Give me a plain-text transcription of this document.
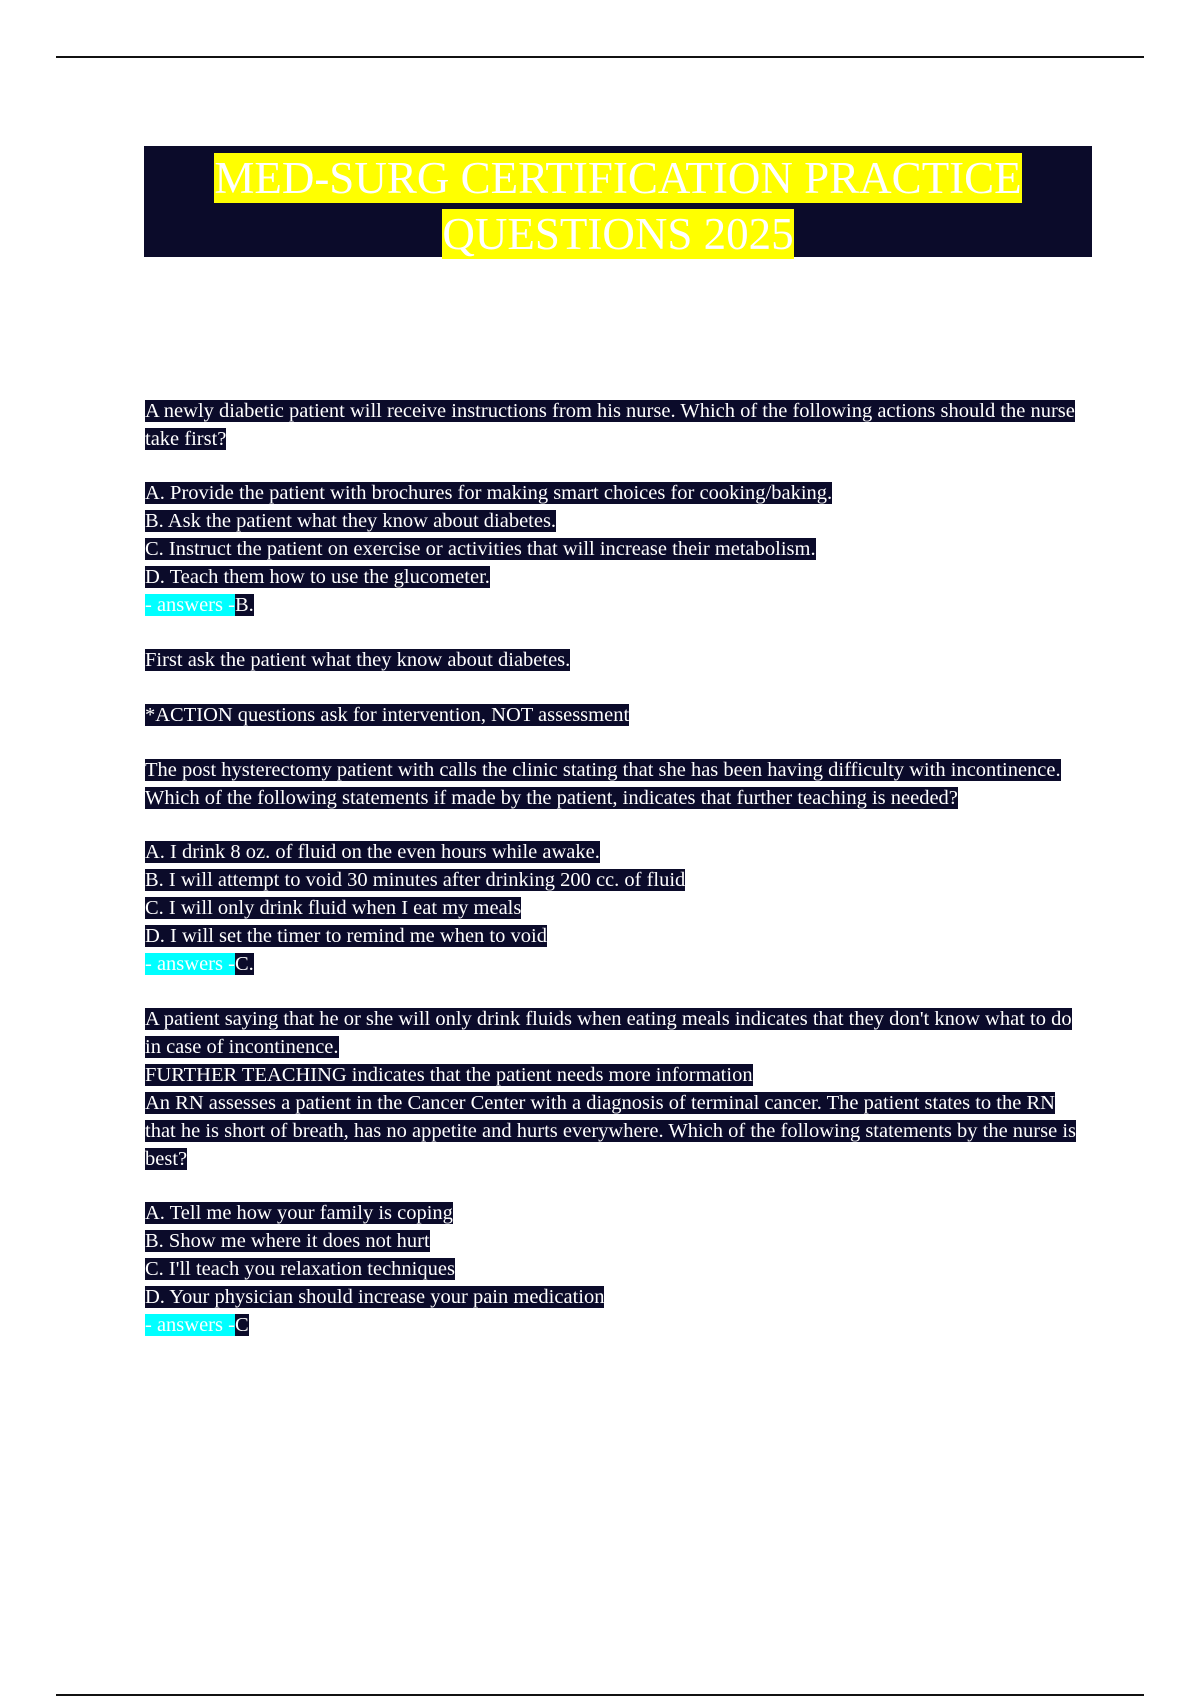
MED-SURG CERTIFICATION PRACTICE
QUESTIONS 2025

A newly diabetic patient will receive instructions from his nurse. Which of the following actions should the nurse take first?

A. Provide the patient with brochures for making smart choices for cooking/baking.
B. Ask the patient what they know about diabetes.
C. Instruct the patient on exercise or activities that will increase their metabolism.
D. Teach them how to use the glucometer.
- answers -B.

First ask the patient what they know about diabetes.

*ACTION questions ask for intervention, NOT assessment

The post hysterectomy patient with calls the clinic stating that she has been having difficulty with incontinence. Which of the following statements if made by the patient, indicates that further teaching is needed?

A. I drink 8 oz. of fluid on the even hours while awake.
B. I will attempt to void 30 minutes after drinking 200 cc. of fluid
C. I will only drink fluid when I eat my meals
D. I will set the timer to remind me when to void
- answers -C.

A patient saying that he or she will only drink fluids when eating meals indicates that they don't know what to do in case of incontinence.

FURTHER TEACHING indicates that the patient needs more information

An RN assesses a patient in the Cancer Center with a diagnosis of terminal cancer. The patient states to the RN that he is short of breath, has no appetite and hurts everywhere. Which of the following statements by the nurse is best?

A. Tell me how your family is coping
B. Show me where it does not hurt
C. I'll teach you relaxation techniques
D. Your physician should increase your pain medication
- answers -C
